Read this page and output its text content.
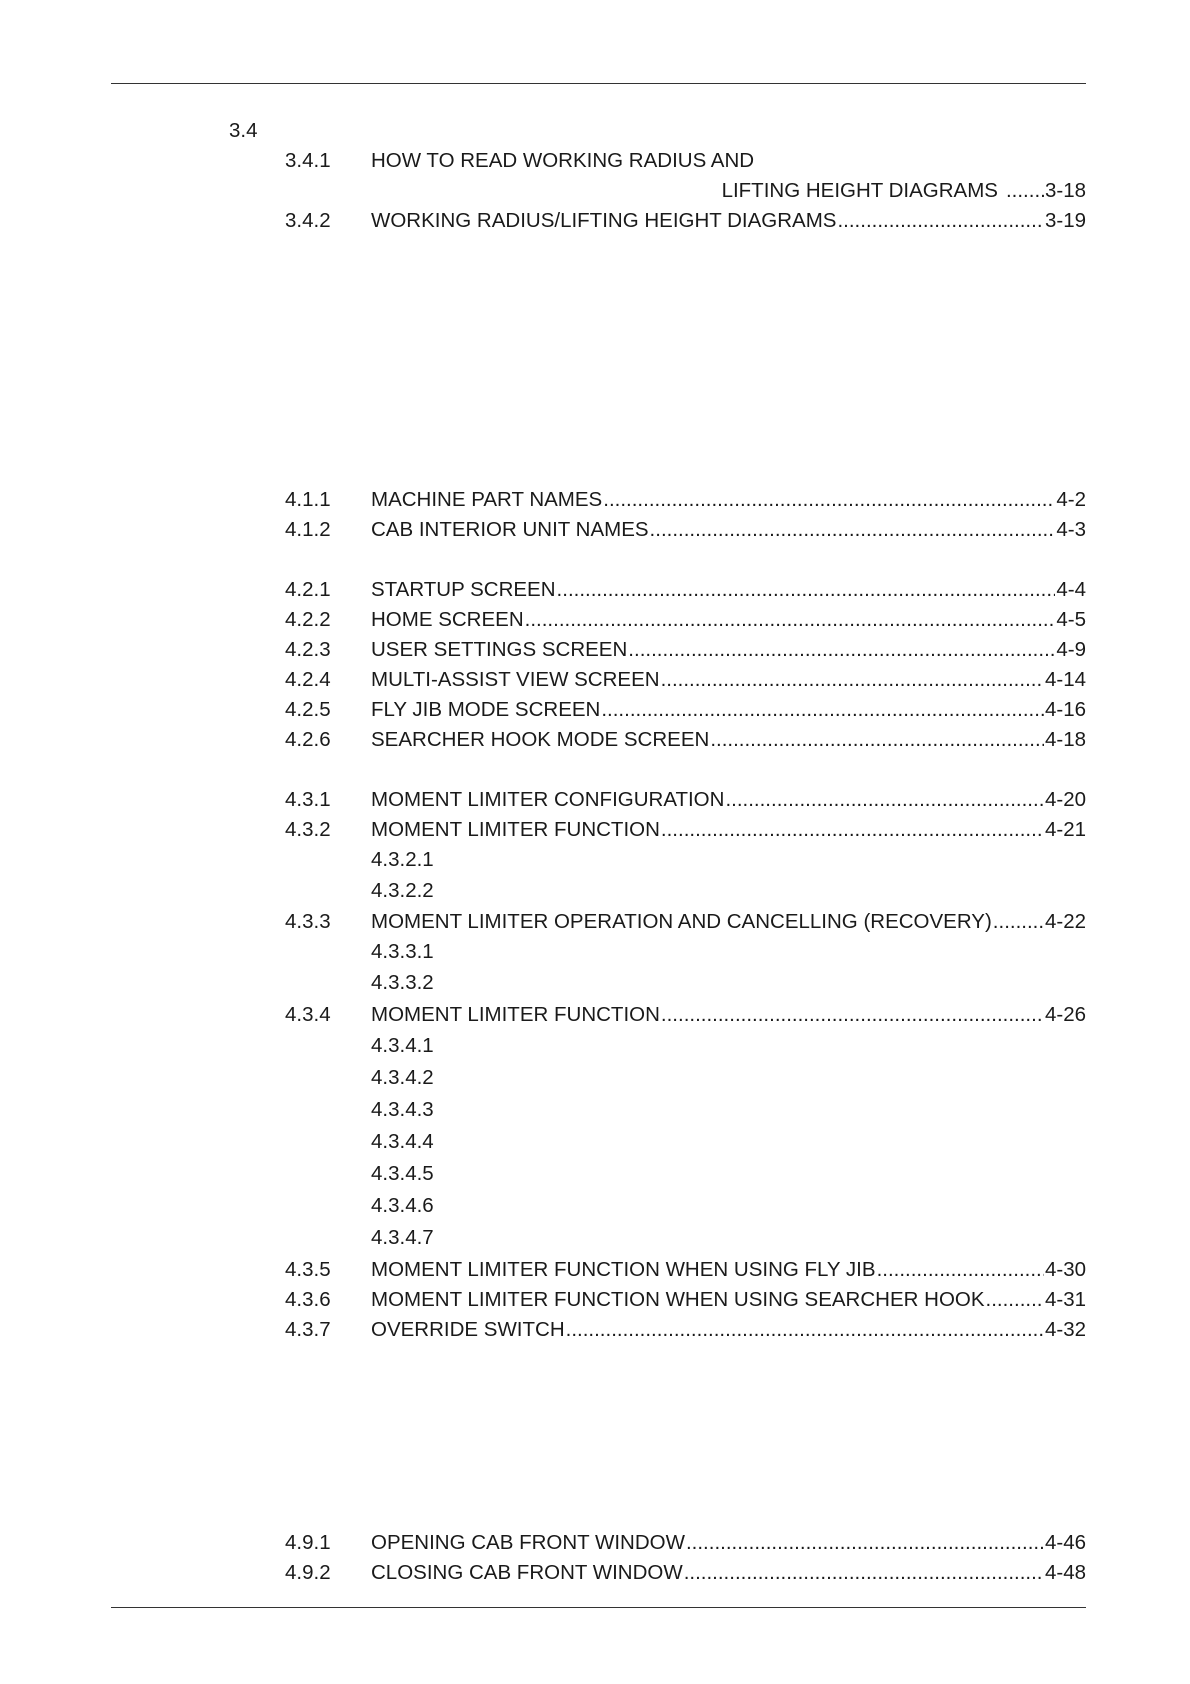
3.4
3.4.1 HOW TO READ WORKING RADIUS AND
LIFTING HEIGHT DIAGRAMS ..... 3-18
3.4.2 WORKING RADIUS/LIFTING HEIGHT DIAGRAMS .....	3-19
4.1.1 MACHINE PART NAMES .....	4-2
4.1.2 CAB INTERIOR UNIT NAMES .....	4-3
4.2.1 STARTUP SCREEN .....	4-4
4.2.2 HOME SCREEN .....	4-5
4.2.3 USER SETTINGS SCREEN .....	4-9
4.2.4 MULTI-ASSIST VIEW SCREEN .....	4-14
4.2.5 FLY JIB MODE SCREEN .....	4-16
4.2.6 SEARCHER HOOK MODE SCREEN .....	4-18
4.3.1 MOMENT LIMITER CONFIGURATION .....	4-20
4.3.2 MOMENT LIMITER FUNCTION .....	4-21
4.3.2.1
4.3.2.2
4.3.3 MOMENT LIMITER OPERATION AND CANCELLING (RECOVERY) .....	4-22
4.3.3.1
4.3.3.2
4.3.4 MOMENT LIMITER FUNCTION .....	4-26
4.3.4.1
4.3.4.2
4.3.4.3
4.3.4.4
4.3.4.5
4.3.4.6
4.3.4.7
4.3.5 MOMENT LIMITER FUNCTION WHEN USING FLY JIB .....	4-30
4.3.6 MOMENT LIMITER FUNCTION WHEN USING SEARCHER HOOK .....	4-31
4.3.7 OVERRIDE SWITCH .....	4-32
4.9.1 OPENING CAB FRONT WINDOW .....	4-46
4.9.2 CLOSING CAB FRONT WINDOW .....	4-48
